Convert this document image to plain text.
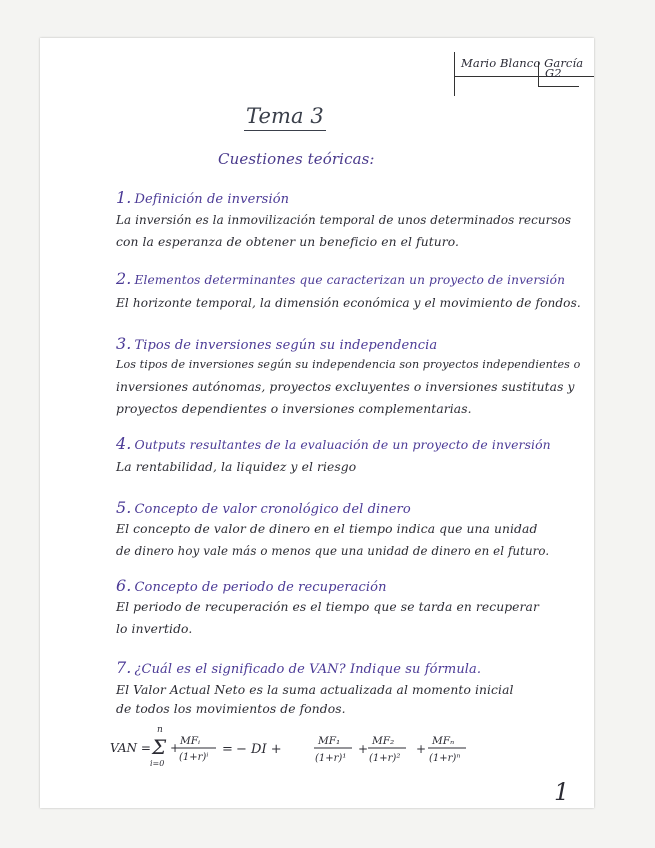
Mario Blanco García
G2
Tema 3
Cuestiones teóricas:
1. Definición de inversión
La inversión es la inmovilización temporal de unos determinados recursos
con la esperanza de obtener un beneficio en el futuro.
2. Elementos determinantes que caracterizan un proyecto de inversión
El horizonte temporal, la dimensión económica y el movimiento de fondos.
3. Tipos de inversiones según su independencia
Los tipos de inversiones según su independencia son proyectos independientes o
inversiones autónomas, proyectos excluyentes o inversiones sustitutas y
proyectos dependientes o inversiones complementarias.
4. Outputs resultantes de la evaluación de un proyecto de inversión
La rentabilidad, la liquidez y el riesgo
5. Concepto de valor cronológico del dinero
El concepto de valor de dinero en el tiempo indica que una unidad
de dinero hoy vale más o menos que una unidad de dinero en el futuro.
6. Concepto de periodo de recuperación
El periodo de recuperación es el tiempo que se tarda en recuperar
lo invertido.
7. ¿Cuál es el significado de VAN? Indique su fórmula.
El Valor Actual Neto es la suma actualizada al momento inicial
de todos los movimientos de fondos.
VAN =
n
Σ
i=0
+ MFᵢ
(1+r)ⁱ
= − DI +
MF₁
(1+r)¹
+
MF₂
(1+r)²
+
MFₙ
(1+r)ⁿ
1
